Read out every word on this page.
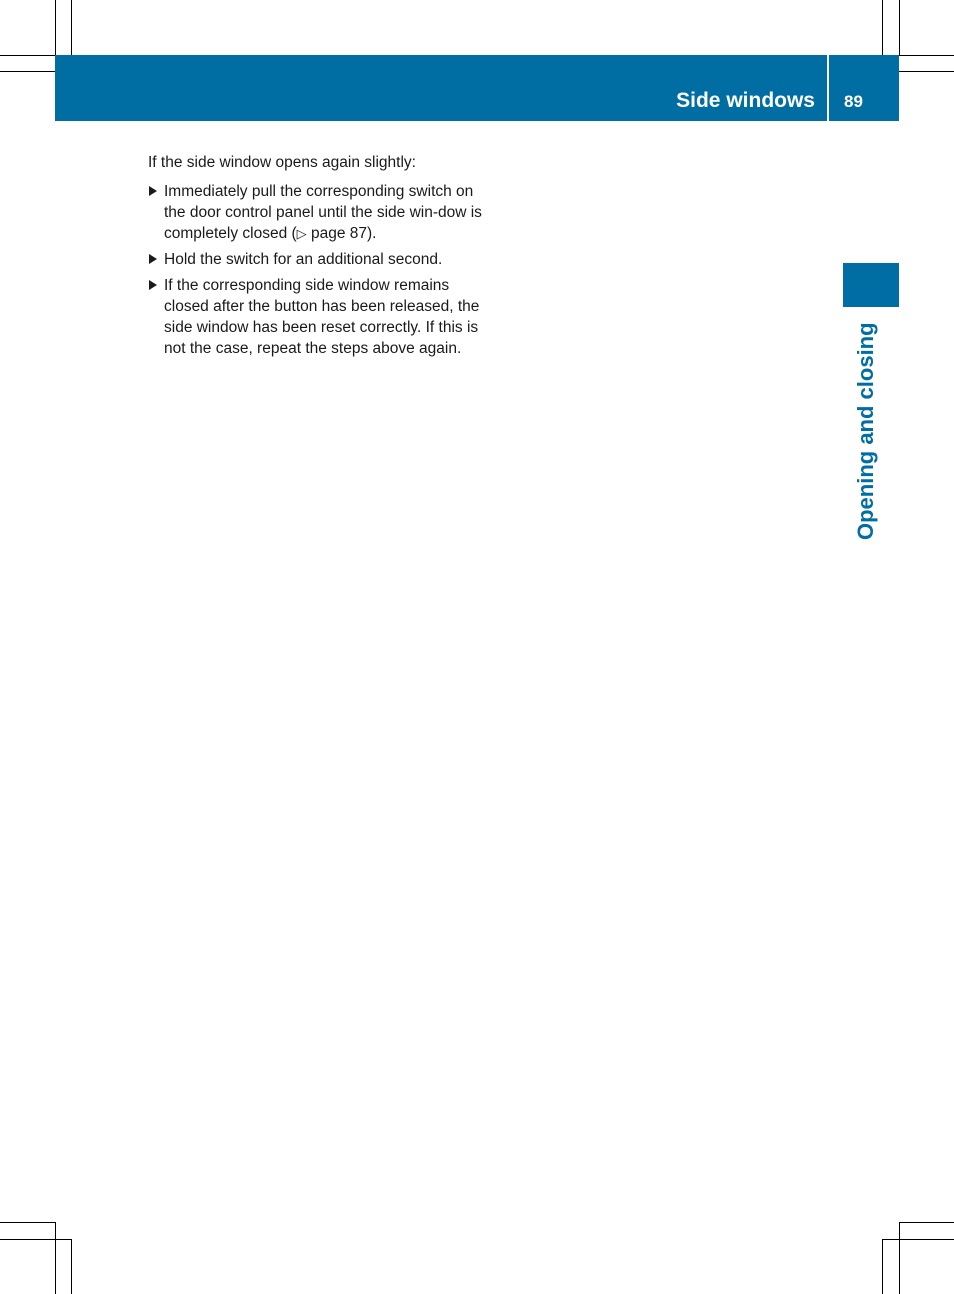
Side windows 89
Opening and closing

If the side window opens again slightly:

Immediately pull the corresponding switch on the door control panel until the side win-dow is completely closed (▷ page 87).
Hold the switch for an additional second.
If the corresponding side window remains closed after the button has been released, the side window has been reset correctly. If this is not the case, repeat the steps above again.
